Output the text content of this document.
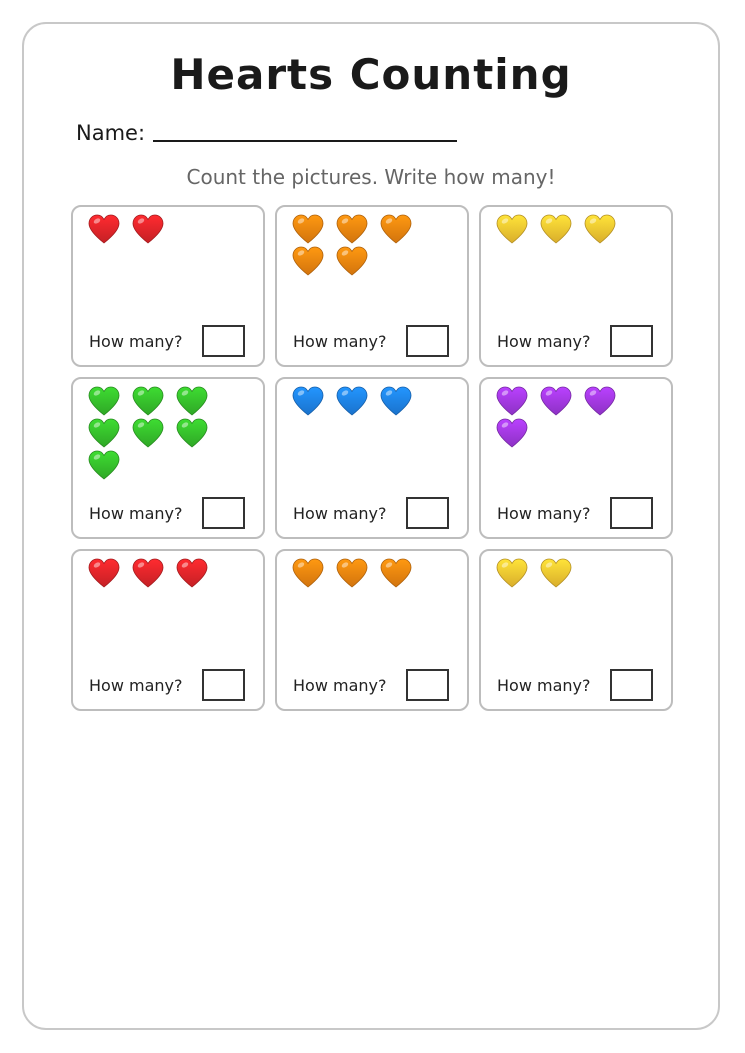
Hearts Counting
Name:
Count the pictures. Write how many!
How many?	How many?	How many?
How many?	How many?	How many?
How many?	How many?	How many?
